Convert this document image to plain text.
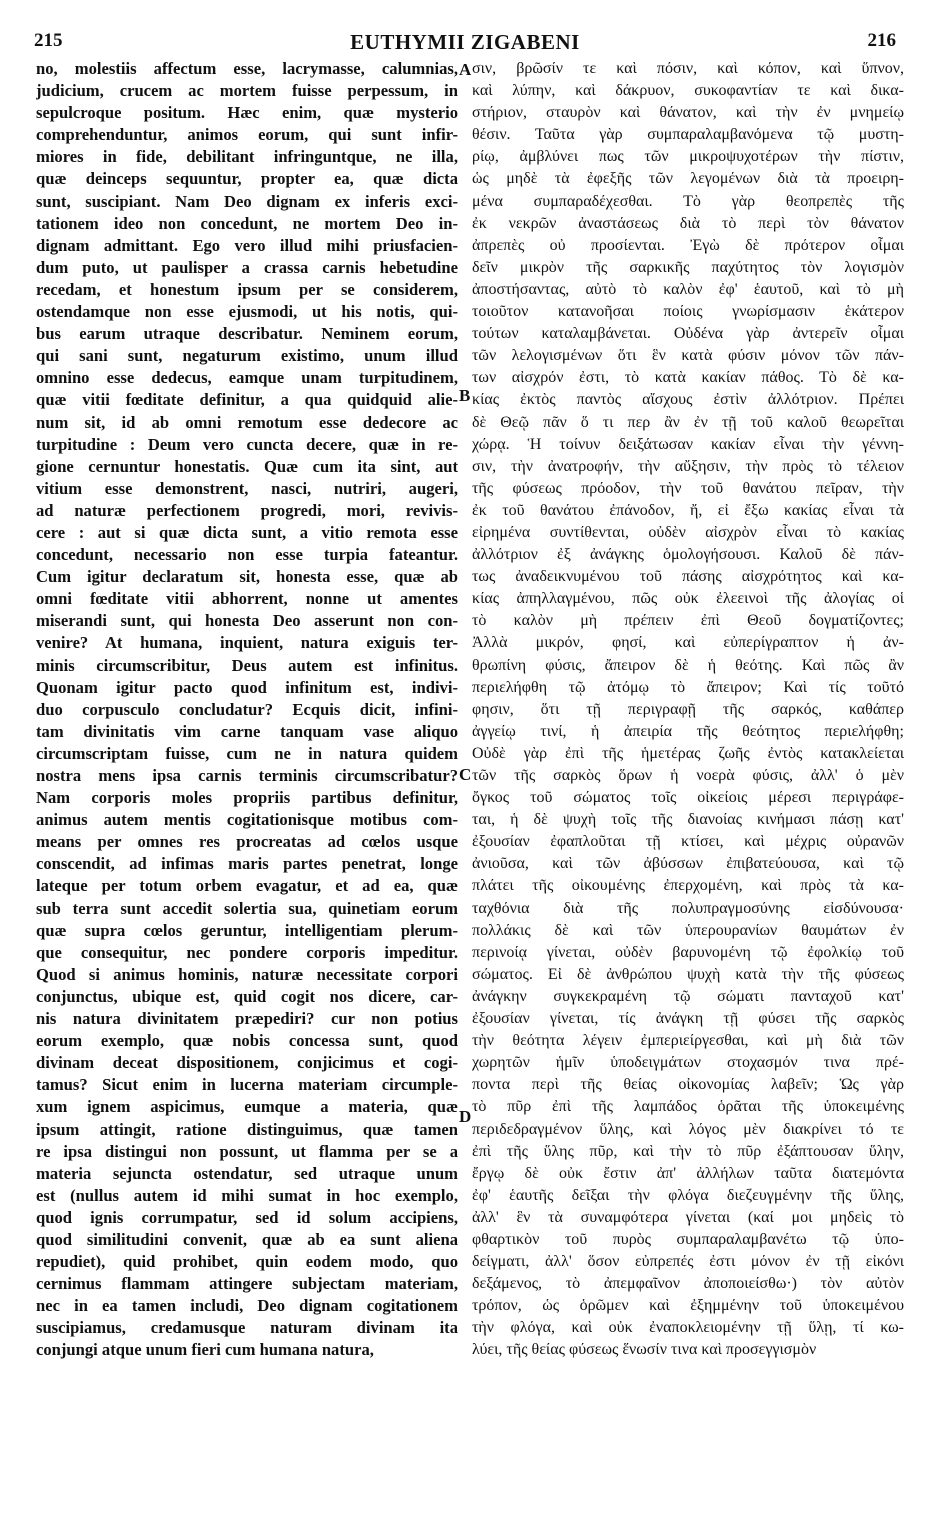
215	EUTHYMII ZIGABENI	216
no, molestiis affectum esse, lacrymasse, calumnias,
judicium, crucem ac mortem fuisse perpessum, in
sepulcroque positum. Hæc enim, quæ mysterio
comprehenduntur, animos eorum, qui sunt infir-
miores in fide, debilitant infringuntque, ne illa,
quæ deinceps sequuntur, propter ea, quæ dicta
sunt, suscipiant. Nam Deo dignam ex inferis exci-
tationem ideo non concedunt, ne mortem Deo in-
dignam admittant. Ego vero illud mihi priusfacien-
dum puto, ut paulisper a crassa carnis hebetudine
recedam, et honestum ipsum per se considerem,
ostendamque non esse ejusmodi, ut his notis, qui-
bus earum utraque describatur. Neminem eorum,
qui sani sunt, negaturum existimo, unum illud
omnino esse dedecus, eamque unam turpitudinem,
quæ vitii fœditate definitur, a qua quidquid alie-
num sit, id ab omni remotum esse dedecore ac
turpitudine : Deum vero cuncta decere, quæ in re-
gione cernuntur honestatis. Quæ cum ita sint, aut
vitium esse demonstrent, nasci, nutriri, augeri,
ad naturæ perfectionem progredi, mori, revivis-
cere : aut si quæ dicta sunt, a vitio remota esse
concedunt, necessario non esse turpia fateantur.
Cum igitur declaratum sit, honesta esse, quæ ab
omni fœditate vitii abhorrent, nonne ut amentes
miserandi sunt, qui honesta Deo asserunt non con-
venire? At humana, inquient, natura exiguis ter-
minis circumscribitur, Deus autem est infinitus.
Quonam igitur pacto quod infinitum est, indivi-
duo corpusculo concludatur? Ecquis dicit, infini-
tam divinitatis vim carne tanquam vase aliquo
circumscriptam fuisse, cum ne in natura quidem
nostra mens ipsa carnis terminis circumscribatur?
Nam corporis moles propriis partibus definitur,
animus autem mentis cogitationisque motibus com-
means per omnes res procreatas ad cœlos usque
conscendit, ad infimas maris partes penetrat, longe
lateque per totum orbem evagatur, et ad ea, quæ
sub terra sunt accedit solertia sua, quinetiam eorum
quæ supra cœlos geruntur, intelligentiam plerum-
que consequitur, nec pondere corporis impeditur.
Quod si animus hominis, naturæ necessitate corpori
conjunctus, ubique est, quid cogit nos dicere, car-
nis natura divinitatem præpediri? cur non potius
eorum exemplo, quæ nobis concessa sunt, quod
divinam deceat dispositionem, conjicimus et cogi-
tamus? Sicut enim in lucerna materiam circumple-
xum ignem aspicimus, eumque a materia, quæ
ipsum attingit, ratione distinguimus, quæ tamen
re ipsa distingui non possunt, ut flamma per se a
materia sejuncta ostendatur, sed utraque unum
est (nullus autem id mihi sumat in hoc exemplo,
quod ignis corrumpatur, sed id solum accipiens,
quod similitudini convenit, quæ ab ea sunt aliena
repudiet), quid prohibet, quin eodem modo, quo
cernimus flammam attingere subjectam materiam,
nec in ea tamen includi, Deo dignam cogitationem
suscipiamus, credamusque naturam divinam ita
conjungi atque unum fieri cum humana natura,
σιν, βρῶσίν τε καὶ πόσιν, καὶ κόπον, καὶ ὕπνον,
καὶ λύπην, καὶ δάκρυον, συκοφαντίαν τε καὶ δικα-
στήριον, σταυρὸν καὶ θάνατον, καὶ τὴν ἐν μνημείῳ
θέσιν. Ταῦτα γὰρ συμπαραλαμβανόμενα τῷ μυστη-
ρίῳ, ἀμβλύνει πως τῶν μικροψυχοτέρων τὴν πίστιν,
ὡς μηδὲ τὰ ἐφεξῆς τῶν λεγομένων διὰ τὰ προειρη-
μένα συμπαραδέχεσθαι. Τὸ γὰρ θεοπρεπὲς τῆς
ἐκ νεκρῶν ἀναστάσεως διὰ τὸ περὶ τὸν θάνατον
ἀπρεπὲς οὐ προσίενται. Ἐγὼ δὲ πρότερον οἶμαι
δεῖν μικρὸν τῆς σαρκικῆς παχύτητος τὸν λογισμὸν
ἀποστήσαντας, αὐτὸ τὸ καλὸν ἐφ' ἑαυτοῦ, καὶ τὸ μὴ
τοιοῦτον κατανοῆσαι ποίοις γνωρίσμασιν ἑκάτερον
τούτων καταλαμβάνεται. Οὐδένα γὰρ ἀντερεῖν οἶμαι
τῶν λελογισμένων ὅτι ἓν κατὰ φύσιν μόνον τῶν πάν-
των αἰσχρόν ἐστι, τὸ κατὰ κακίαν πάθος. Τὸ δὲ κα-
κίας ἐκτὸς παντὸς αἴσχους ἐστὶν ἀλλότριον. Πρέπει
δὲ Θεῷ πᾶν ὅ τι περ ἂν ἐν τῇ τοῦ καλοῦ θεωρεῖται
χώρᾳ. Ἡ τοίνυν δειξάτωσαν κακίαν εἶναι τὴν γέννη-
σιν, τὴν ἀνατροφήν, τὴν αὔξησιν, τὴν πρὸς τὸ τέλειον
τῆς φύσεως πρόοδον, τὴν τοῦ θανάτου πεῖραν, τὴν
ἐκ τοῦ θανάτου ἐπάνοδον, ἤ, εἰ ἔξω κακίας εἶναι τὰ
εἰρημένα συντίθενται, οὐδὲν αἰσχρὸν εἶναι τὸ κακίας
ἀλλότριον ἐξ ἀνάγκης ὁμολογήσουσι. Καλοῦ δὲ πάν-
τως ἀναδεικνυμένου τοῦ πάσης αἰσχρότητος καὶ κα-
κίας ἀπηλλαγμένου, πῶς οὐκ ἐλεεινοὶ τῆς ἀλογίας οἱ
τὸ καλὸν μὴ πρέπειν ἐπὶ Θεοῦ δογματίζοντες;
Ἀλλὰ μικρόν, φησί, καὶ εὐπερίγραπτον ἡ ἀν-
θρωπίνη φύσις, ἄπειρον δὲ ἡ θεότης. Καὶ πῶς ἂν
περιελήφθη τῷ ἀτόμῳ τὸ ἄπειρον; Καὶ τίς τοῦτό
φησιν, ὅτι τῇ περιγραφῇ τῆς σαρκός, καθάπερ
ἀγγείῳ τινί, ἡ ἀπειρία τῆς θεότητος περιελήφθη;
Οὐδὲ γὰρ ἐπὶ τῆς ἡμετέρας ζωῆς ἐντὸς κατακλείεται
τῶν τῆς σαρκὸς ὅρων ἡ νοερὰ φύσις, ἀλλ' ὁ μὲν
ὄγκος τοῦ σώματος τοῖς οἰκείοις μέρεσι περιγράφε-
ται, ἡ δὲ ψυχὴ τοῖς τῆς διανοίας κινήμασι πάσῃ κατ'
ἐξουσίαν ἐφαπλοῦται τῇ κτίσει, καὶ μέχρις οὐρανῶν
ἀνιοῦσα, καὶ τῶν ἀβύσσων ἐπιβατεύουσα, καὶ τῷ
πλάτει τῆς οἰκουμένης ἐπερχομένη, καὶ πρὸς τὰ κα-
ταχθόνια διὰ τῆς πολυπραγμοσύνης εἰσδύνουσα·
πολλάκις δὲ καὶ τῶν ὑπερουρανίων θαυμάτων ἐν
περινοίᾳ γίνεται, οὐδὲν βαρυνομένη τῷ ἐφολκίῳ τοῦ
σώματος. Εἰ δὲ ἀνθρώπου ψυχὴ κατὰ τὴν τῆς φύσεως
ἀνάγκην συγκεκραμένη τῷ σώματι πανταχοῦ κατ'
ἐξουσίαν γίνεται, τίς ἀνάγκη τῇ φύσει τῆς σαρκὸς
τὴν θεότητα λέγειν ἐμπεριείργεσθαι, καὶ μὴ διὰ τῶν
χωρητῶν ἡμῖν ὑποδειγμάτων στοχασμόν τινα πρέ-
ποντα περὶ τῆς θείας οἰκονομίας λαβεῖν; Ὡς γὰρ
τὸ πῦρ ἐπὶ τῆς λαμπάδος ὁρᾶται τῆς ὑποκειμένης
περιδεδραγμένον ὕλης, καὶ λόγος μὲν διακρίνει τό τε
ἐπὶ τῆς ὕλης πῦρ, καὶ τὴν τὸ πῦρ ἐξάπτουσαν ὕλην,
ἔργῳ δὲ οὐκ ἔστιν ἀπ' ἀλλήλων ταῦτα διατεμόντα
ἐφ' ἑαυτῆς δεῖξαι τὴν φλόγα διεζευγμένην τῆς ὕλης,
ἀλλ' ἓν τὰ συναμφότερα γίνεται (καί μοι μηδεὶς τὸ
φθαρτικὸν τοῦ πυρὸς συμπαραλαμβανέτω τῷ ὑπο-
δείγματι, ἀλλ' ὅσον εὐπρεπές ἐστι μόνον ἐν τῇ εἰκόνι
δεξάμενος, τὸ ἀπεμφαῖνον ἀποποιείσθω·) τὸν αὐτὸν
τρόπον, ὡς ὁρῶμεν καὶ ἐξημμένην τοῦ ὑποκειμένου
τὴν φλόγα, καὶ οὐκ ἐναποκλειομένην τῇ ὕλῃ, τί κω-
λύει, τῆς θείας φύσεως ἕνωσίν τινα καὶ προσεγγισμὸν
A
B
C
D
